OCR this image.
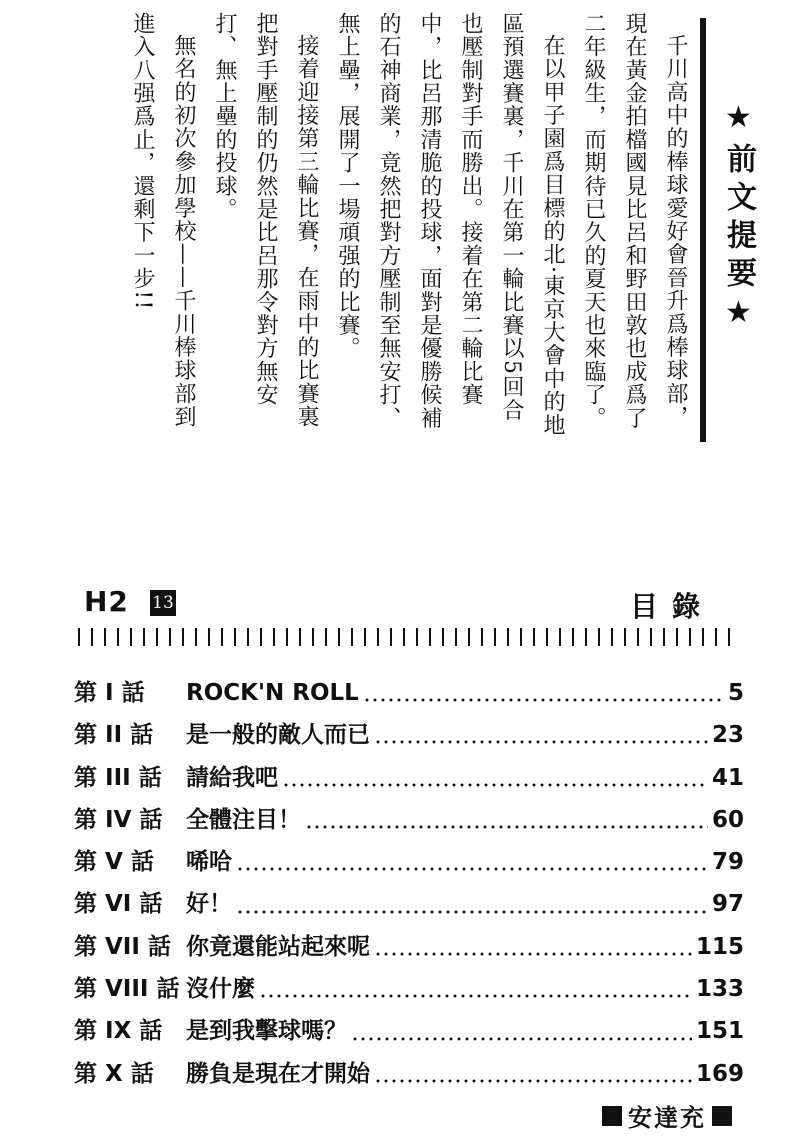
★前文提要★

千川高中的棒球愛好會晉升爲棒球部，現在黃金拍檔國見比呂和野田敦也成爲了二年級生，而期待已久的夏天也來臨了。

在以甲子園爲目標的北·東京大會中的地區預選賽裏，千川在第一輪比賽以5回合也壓制對手而勝出。接着在第二輪比賽中，比呂那清脆的投球，面對是優勝候補的石神商業，竟然把對方壓制至無安打、無上壘，展開了一場頑强的比賽。

接着迎接第三輪比賽，在雨中的比賽裏把對手壓制的仍然是比呂那令對方無安打、無上壘的投球。

無名的初次參加學校——千川棒球部到進入八强爲止，還剩下一步!!

H2 13	目錄
第 I 話	ROCK'N ROLL	5
第 II 話	是一般的敵人而已	23
第 III 話	請給我吧	41
第 IV 話	全體注目！	60
第 V 話	唏哈	79
第 VI 話	好！	97
第 VII 話 你竟還能站起來呢	115
第 VIII 話 沒什麼	133
第 IX 話	是到我擊球嗎？	151
第 X 話	勝負是現在才開始	169
安達充
